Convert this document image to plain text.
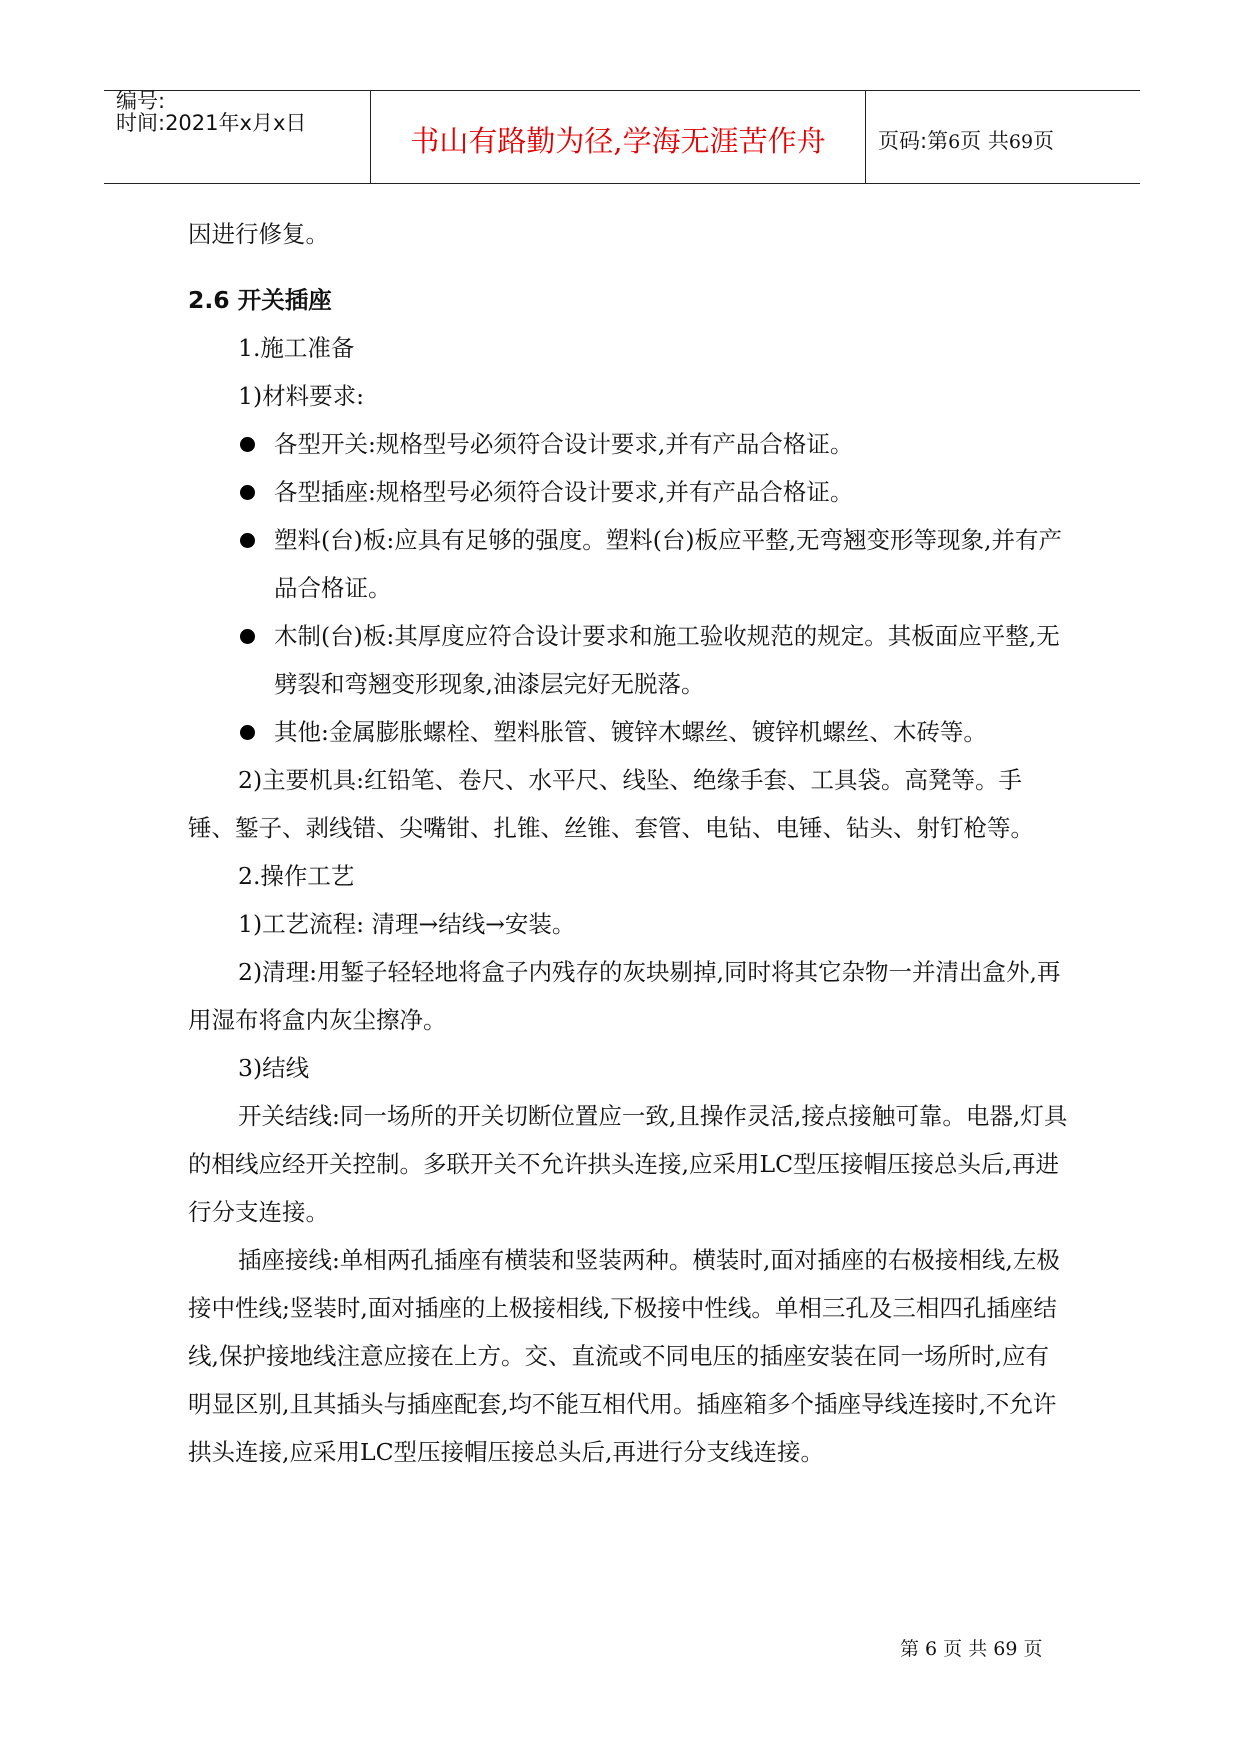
编号:
时间:2021年x月x日
书山有路勤为径,学海无涯苦作舟	页码:第6页 共69页

因进行修复。

2.6 开关插座

1.施工准备

1)材料要求:

各型开关:规格型号必须符合设计要求,并有产品合格证。
各型插座:规格型号必须符合设计要求,并有产品合格证。
塑料(台)板:应具有足够的强度。塑料(台)板应平整,无弯翘变形等现象,并有产品合格证。
木制(台)板:其厚度应符合设计要求和施工验收规范的规定。其板面应平整,无劈裂和弯翘变形现象,油漆层完好无脱落。
其他:金属膨胀螺栓、塑料胀管、镀锌木螺丝、镀锌机螺丝、木砖等。

2)主要机具:红铅笔、卷尺、水平尺、线坠、绝缘手套、工具袋。高凳等。手锤、錾子、剥线错、尖嘴钳、扎锥、丝锥、套管、电钻、电锤、钻头、射钉枪等。

2.操作工艺

1)工艺流程: 清理→结线→安装。

2)清理:用錾子轻轻地将盒子内残存的灰块剔掉,同时将其它杂物一并清出盒外,再用湿布将盒内灰尘擦净。

3)结线

开关结线:同一场所的开关切断位置应一致,且操作灵活,接点接触可靠。电器,灯具的相线应经开关控制。多联开关不允许拱头连接,应采用LC型压接帽压接总头后,再进行分支连接。

插座接线:单相两孔插座有横装和竖装两种。横装时,面对插座的右极接相线,左极接中性线;竖装时,面对插座的上极接相线,下极接中性线。单相三孔及三相四孔插座结线,保护接地线注意应接在上方。交、直流或不同电压的插座安装在同一场所时,应有明显区别,且其插头与插座配套,均不能互相代用。插座箱多个插座导线连接时,不允许拱头连接,应采用LC型压接帽压接总头后,再进行分支线连接。

第 6 页 共 69 页
